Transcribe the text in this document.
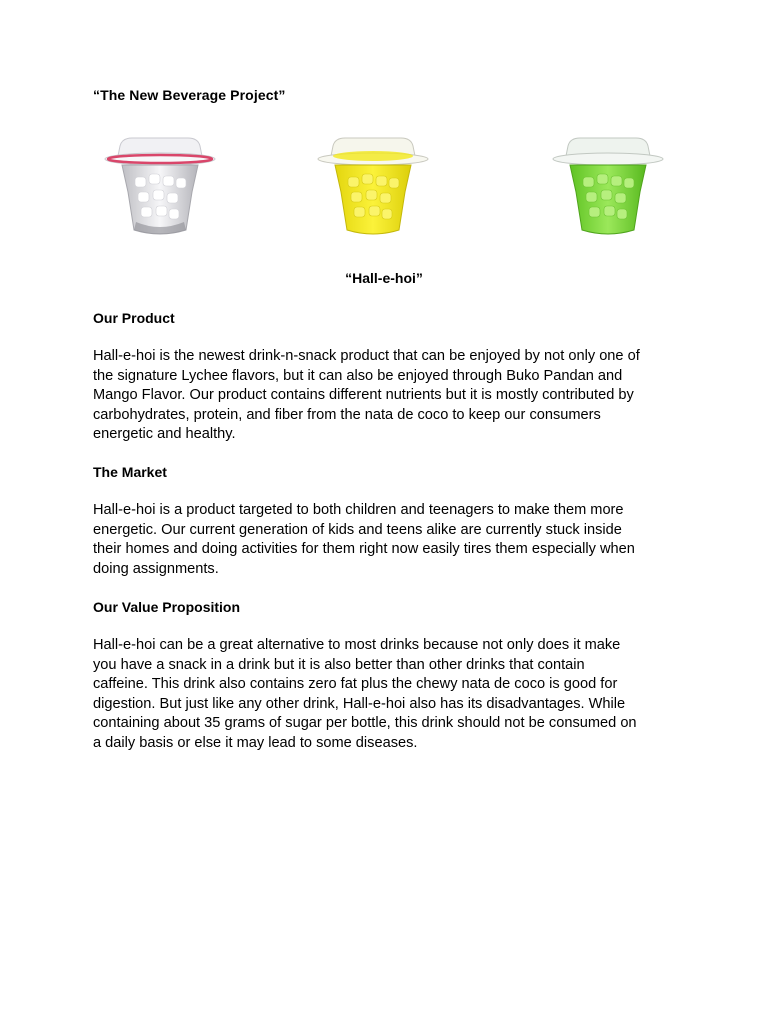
“The New Beverage Project”
“Hall-e-hoi”
Our Product
Hall-e-hoi is the newest drink-n-snack product that can be enjoyed by not only one of
the signature Lychee flavors, but it can also be enjoyed through Buko Pandan and
Mango Flavor. Our product contains different nutrients but it is mostly contributed by
carbohydrates, protein, and fiber from the nata de coco to keep our consumers
energetic and healthy.
The Market
Hall-e-hoi is a product targeted to both children and teenagers to make them more
energetic. Our current generation of kids and teens alike are currently stuck inside
their homes and doing activities for them right now easily tires them especially when
doing assignments.
Our Value Proposition
Hall-e-hoi can be a great alternative to most drinks because not only does it make
you have a snack in a drink but it is also better than other drinks that contain
caffeine. This drink also contains zero fat plus the chewy nata de coco is good for
digestion. But just like any other drink, Hall-e-hoi also has its disadvantages. While
containing about 35 grams of sugar per bottle, this drink should not be consumed on
a daily basis or else it may lead to some diseases.
